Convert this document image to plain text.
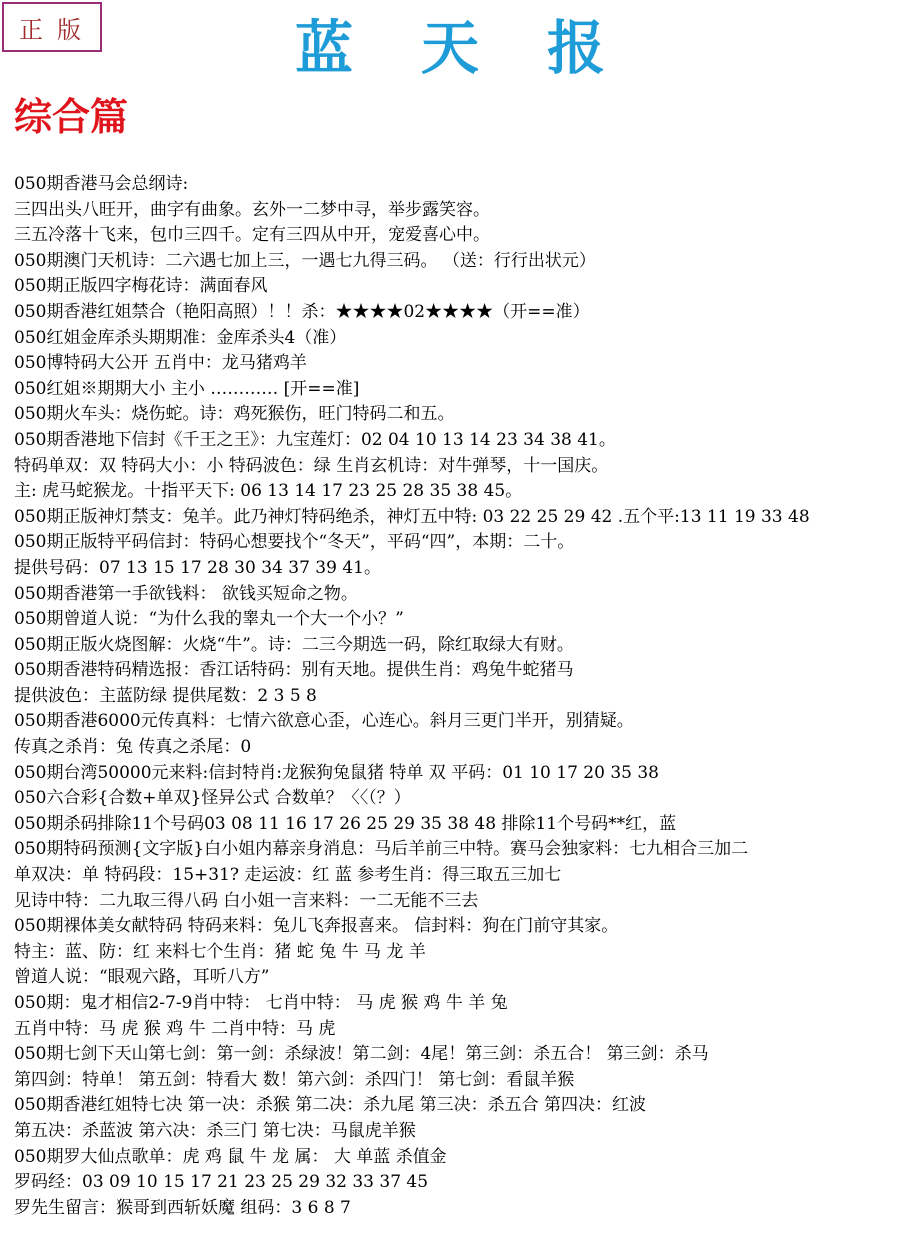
正版	蓝天报
综合篇
050期香港马会总纲诗:
三四出头八旺开，曲字有曲象。玄外一二梦中寻，举步露笑容。
三五冷落十飞来，包巾三四千。定有三四从中开，宠爱喜心中。
050期澳门天机诗：二六遇七加上三，一遇七九得三码。 （送：行行出状元）
050期正版四字梅花诗：满面春风
050期香港红姐禁合（艳阳高照）！！杀：★★★★02★★★★（开==准）
050红姐金库杀头期期准：金库杀头4（准）
050博特码大公开 五肖中：龙马猪鸡羊
050红姐※期期大小 主小 ………… [开==准]
050期火车头：烧伤蛇。诗：鸡死猴伤，旺门特码二和五。
050期香港地下信封《千王之王》：九宝莲灯：02 04 10 13 14 23 34 38 41。
特码单双：双 特码大小：小 特码波色：绿 生肖玄机诗：对牛弹琴，十一国庆。
主: 虎马蛇猴龙。十指平天下: 06 13 14 17 23 25 28 35 38 45。
050期正版神灯禁支：兔羊。此乃神灯特码绝杀，神灯五中特: 03 22 25 29 42 .五个平:13 11 19 33 48
050期正版特平码信封：特码心想要找个“冬天”，平码“四”，本期：二十。
提供号码：07 13 15 17 28 30 34 37 39 41。
050期香港第一手欲钱料： 欲钱买短命之物。
050期曾道人说：“为什么我的睾丸一个大一个小？”
050期正版火烧图解：火烧“牛”。诗：二三今期选一码，除红取绿大有财。
050期香港特码精选报：香江话特码：别有天地。提供生肖：鸡兔牛蛇猪马
提供波色：主蓝防绿 提供尾数：2 3 5 8
050期香港6000元传真料：七情六欲意心歪，心连心。斜月三更门半开，别猜疑。
传真之杀肖：兔 传真之杀尾：0
050期台湾50000元来料:信封特肖:龙猴狗兔鼠猪 特单 双 平码：01 10 17 20 35 38
050六合彩{合数+单双}怪异公式 合数单？〈〈（？）
050期杀码排除11个号码03 08 11 16 17 26 25 29 35 38 48 排除11个号码**红，蓝
050期特码预测{文字版}白小姐内幕亲身消息：马后羊前三中特。赛马会独家料：七九相合三加二
单双决：单 特码段：15+31? 走运波：红 蓝 参考生肖：得三取五三加七
见诗中特：二九取三得八码 白小姐一言来料：一二无能不三去
050期裸体美女献特码 特码来料：兔儿飞奔报喜来。 信封料：狗在门前守其家。
特主：蓝、防：红 来料七个生肖：猪 蛇 兔 牛 马 龙 羊
曾道人说：“眼观六路，耳听八方”
050期：鬼才相信2-7-9肖中特： 七肖中特： 马 虎 猴 鸡 牛 羊 兔
五肖中特：马 虎 猴 鸡 牛 二肖中特：马 虎
050期七剑下天山第七剑：第一剑：杀绿波！第二剑：4尾！第三剑：杀五合！ 第三剑：杀马
第四剑：特单！ 第五剑：特看大 数！第六剑：杀四门！ 第七剑：看鼠羊猴
050期香港红姐特七决 第一决：杀猴 第二决：杀九尾 第三决：杀五合 第四决：红波
第五决：杀蓝波 第六决：杀三门 第七决：马鼠虎羊猴
050期罗大仙点歌单：虎 鸡 鼠 牛 龙 属： 大 单蓝 杀值金
罗码经：03 09 10 15 17 21 23 25 29 32 33 37 45
罗先生留言：猴哥到西斩妖魔 组码：3 6 8 7
